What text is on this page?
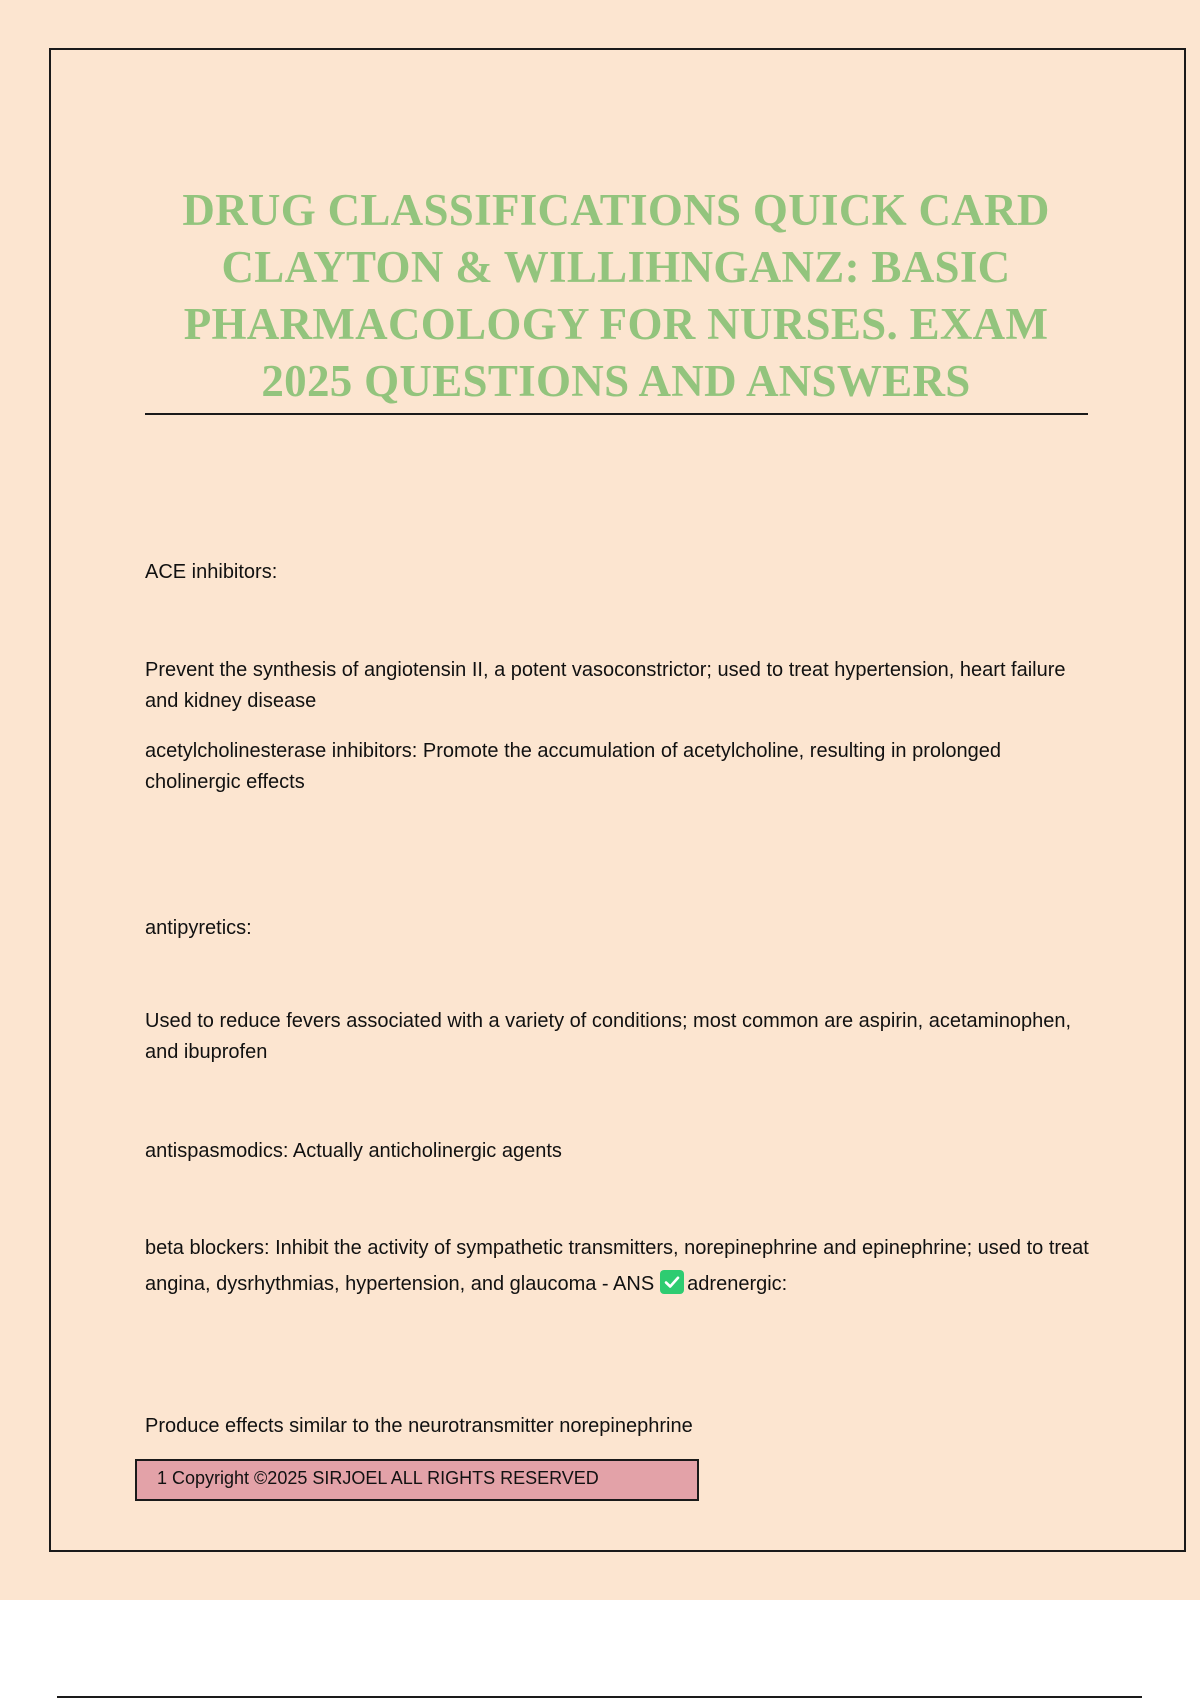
DRUG CLASSIFICATIONS QUICK CARD CLAYTON & WILLIHNGANZ: BASIC PHARMACOLOGY FOR NURSES. EXAM 2025 QUESTIONS AND ANSWERS

ACE inhibitors:

Prevent the synthesis of angiotensin II, a potent vasoconstrictor; used to treat hypertension, heart failure and kidney disease

acetylcholinesterase inhibitors: Promote the accumulation of acetylcholine, resulting in prolonged cholinergic effects

antipyretics:

Used to reduce fevers associated with a variety of conditions; most common are aspirin, acetaminophen, and ibuprofen

antispasmodics: Actually anticholinergic agents

beta blockers: Inhibit the activity of sympathetic transmitters, norepinephrine and epinephrine; used to treat angina, dysrhythmias, hypertension, and glaucoma - ANS adrenergic:

Produce effects similar to the neurotransmitter norepinephrine

1 Copyright ©2025 SIRJOEL ALL RIGHTS RESERVED
